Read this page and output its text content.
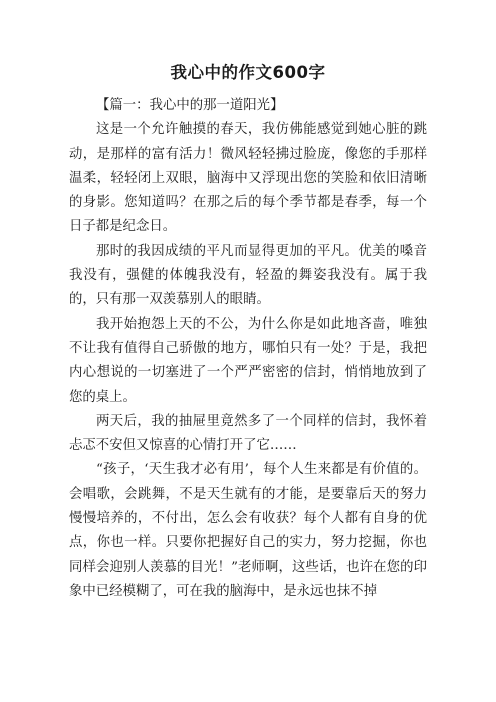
我心中的作文600字

【篇一：我心中的那一道阳光】

这是一个允许触摸的春天，我仿佛能感觉到她心脏的跳动，是那样的富有活力！微风轻轻拂过脸庞，像您的手那样温柔，轻轻闭上双眼，脑海中又浮现出您的笑脸和依旧清晰的身影。您知道吗？在那之后的每个季节都是春季，每一个日子都是纪念日。

那时的我因成绩的平凡而显得更加的平凡。优美的嗓音我没有，强健的体魄我没有，轻盈的舞姿我没有。属于我的，只有那一双羡慕别人的眼睛。

我开始抱怨上天的不公，为什么你是如此地吝啬，唯独不让我有值得自己骄傲的地方，哪怕只有一处？于是，我把内心想说的一切塞进了一个严严密密的信封，悄悄地放到了您的桌上。

两天后，我的抽屉里竟然多了一个同样的信封，我怀着忐忑不安但又惊喜的心情打开了它……

“孩子，‘天生我才必有用’，每个人生来都是有价值的。会唱歌，会跳舞，不是天生就有的才能，是要靠后天的努力慢慢培养的，不付出，怎么会有收获？每个人都有自身的优点，你也一样。只要你把握好自己的实力，努力挖掘，你也同样会迎别人羡慕的目光！”老师啊，这些话，也许在您的印象中已经模糊了，可在我的脑海中，是永远也抹不掉
